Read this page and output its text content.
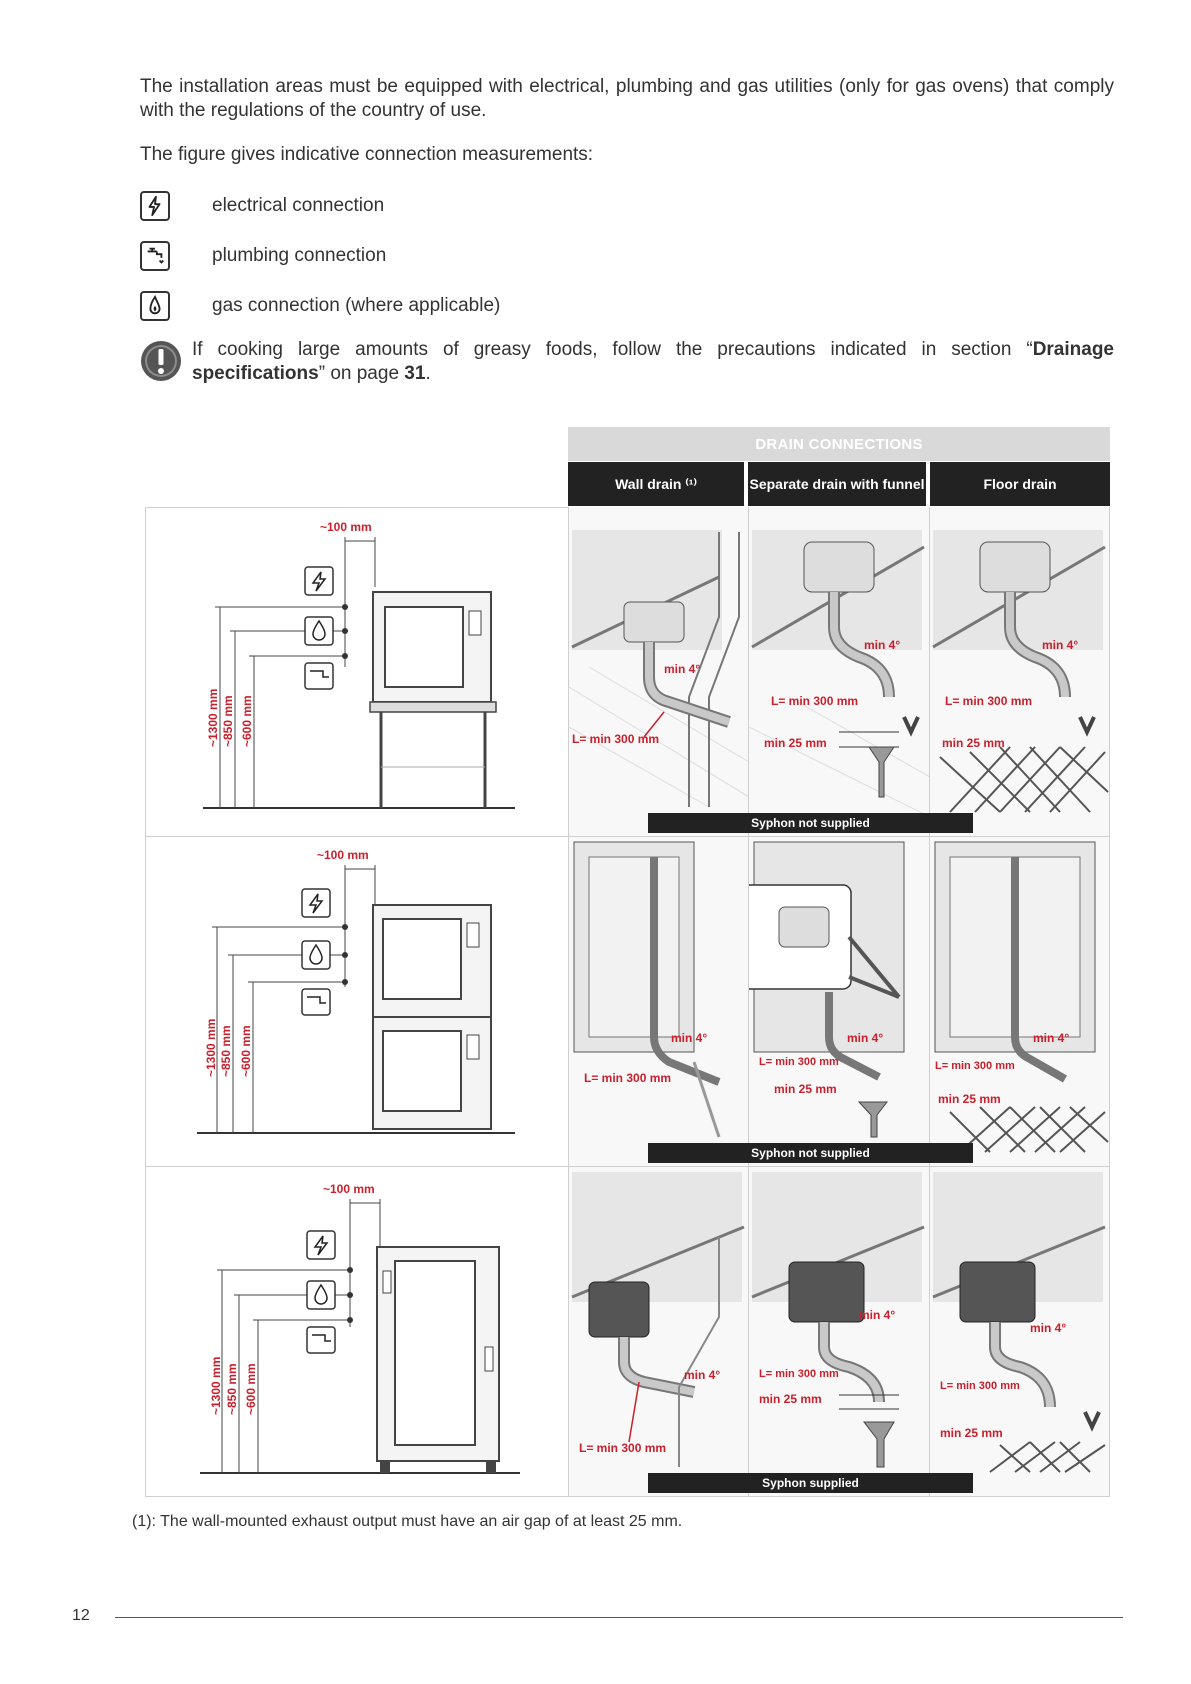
The installation areas must be equipped with electrical, plumbing and gas utilities (only for gas ovens) that comply with the regulations of the country of use.
The figure gives indicative connection measurements:
electrical connection
plumbing connection
gas connection (where applicable)
If cooking large amounts of greasy foods, follow the precautions indicated in section “Drainage specifications” on page 31.
DRAIN CONNECTIONS
Wall drain ⁽¹⁾	Separate drain with funnel	Floor drain
~1300 mm ~850 mm ~600 mm
~100 mm
min 4°
L= min 300 mm
min 4°
L= min 300 mm
min 25 mm
min 4°
L= min 300 mm
min 25 mm
Syphon not supplied
~1300 mm ~850 mm ~600 mm
~100 mm
min 4°
L= min 300 mm
min 4°
L= min 300 mm
min 25 mm
min 4°
L= min 300 mm
min 25 mm
Syphon not supplied
~1300 mm ~850 mm ~600 mm
~100 mm
min 4°
L= min 300 mm
min 4°
L= min 300 mm
min 25 mm
min 4°
L= min 300 mm
min 25 mm
Syphon supplied
(1): The wall-mounted exhaust output must have an air gap of at least 25 mm.
12
